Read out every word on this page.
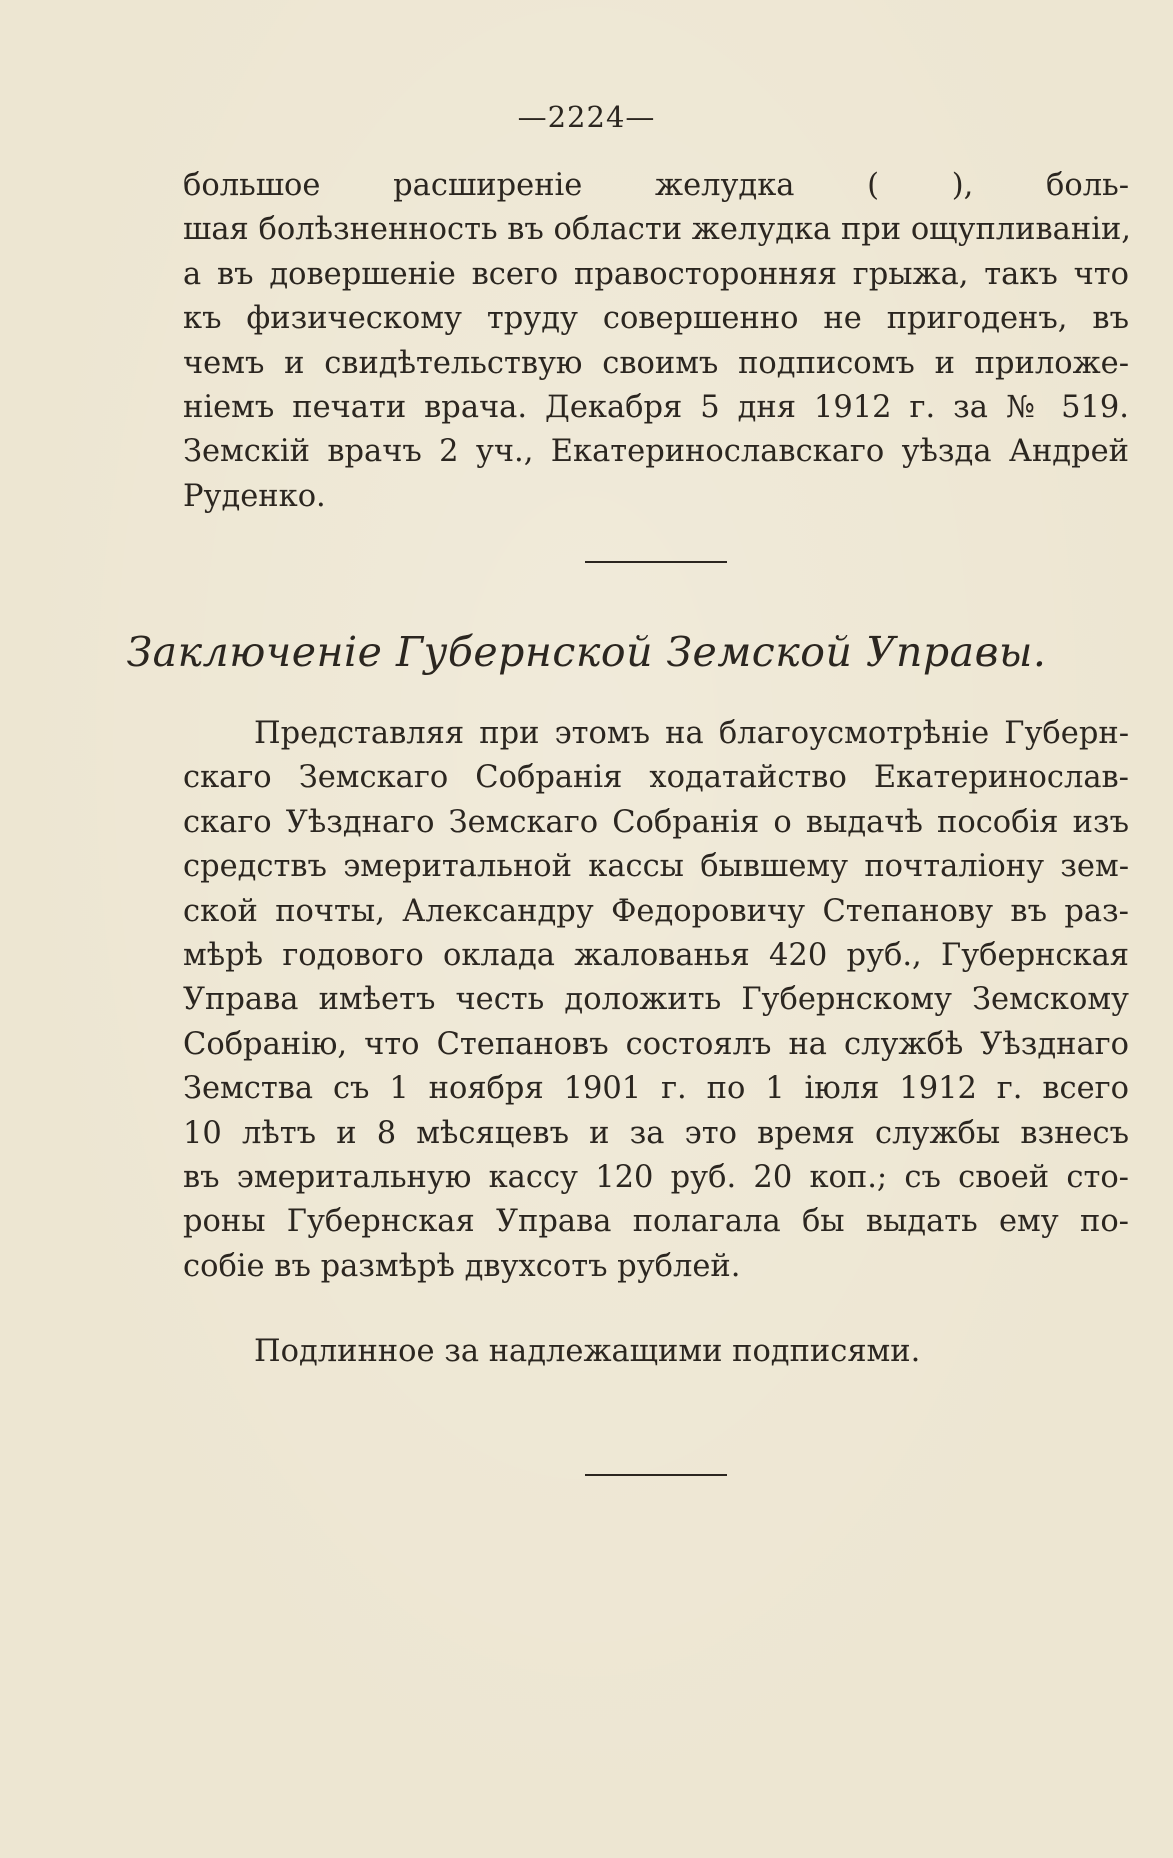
—2224—
большое расширеніе желудка ( ), боль-
шая болѣзненность въ области желудка при ощупливаніи,
а въ довершеніе всего правосторонняя грыжа, такъ что
къ физическому труду совершенно не пригоденъ, въ
чемъ и свидѣтельствую своимъ подписомъ и приложе-
ніемъ печати врача. Декабря 5 дня 1912 г. за № 519.
Земскій врачъ 2 уч., Екатеринославскаго уѣзда Андрей
Руденко.
Заключеніе Губернской Земской Управы.
Представляя при этомъ на благоусмотрѣніе Губерн-
скаго Земскаго Собранія ходатайство Екатеринослав-
скаго Уѣзднаго Земскаго Собранія о выдачѣ пособія изъ
средствъ эмеритальной кассы бывшему почталіону зем-
ской почты, Александру Федоровичу Степанову въ раз-
мѣрѣ годового оклада жалованья 420 руб., Губернская
Управа имѣетъ честь доложить Губернскому Земскому
Собранію, что Степановъ состоялъ на службѣ Уѣзднаго
Земства съ 1 ноября 1901 г. по 1 іюля 1912 г. всего
10 лѣтъ и 8 мѣсяцевъ и за это время службы взнесъ
въ эмеритальную кассу 120 руб. 20 коп.; съ своей сто-
роны Губернская Управа полагала бы выдать ему по-
собіе въ размѣрѣ двухсотъ рублей.
Подлинное за надлежащими подписями.
